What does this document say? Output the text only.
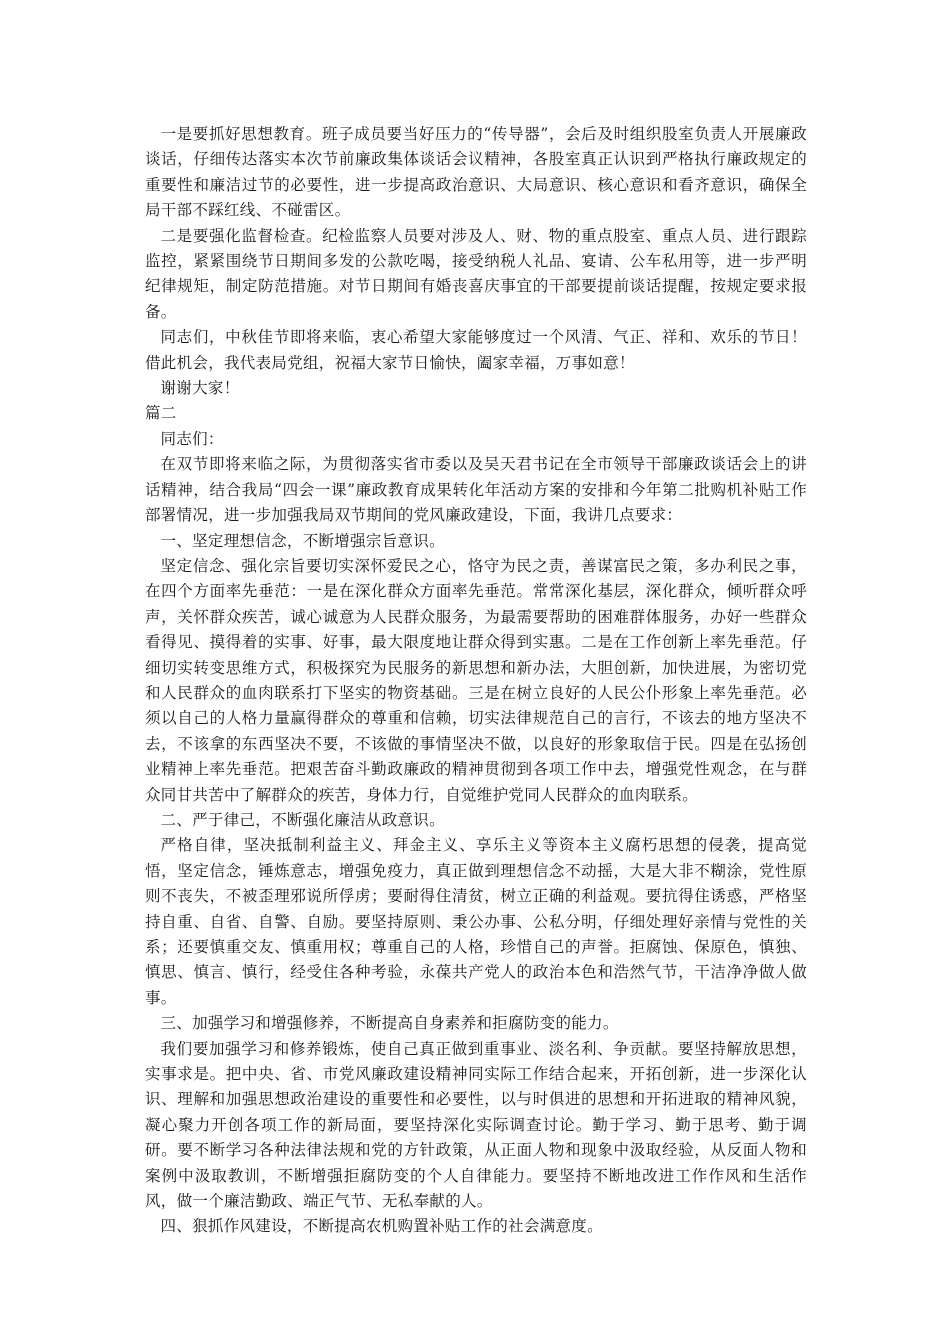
一是要抓好思想教育。班子成员要当好压力的“传导器”，会后及时组织股室负责人开展廉政谈话，仔细传达落实本次节前廉政集体谈话会议精神，各股室真正认识到严格执行廉政规定的重要性和廉洁过节的必要性，进一步提高政治意识、大局意识、核心意识和看齐意识，确保全局干部不踩红线、不碰雷区。

二是要强化监督检查。纪检监察人员要对涉及人、财、物的重点股室、重点人员、进行跟踪监控，紧紧围绕节日期间多发的公款吃喝，接受纳税人礼品、宴请、公车私用等，进一步严明纪律规矩，制定防范措施。对节日期间有婚丧喜庆事宜的干部要提前谈话提醒，按规定要求报备。

同志们，中秋佳节即将来临，衷心希望大家能够度过一个风清、气正、祥和、欢乐的节日！借此机会，我代表局党组，祝福大家节日愉快，阖家幸福，万事如意！

谢谢大家！

篇二

同志们：

在双节即将来临之际，为贯彻落实省市委以及吴天君书记在全市领导干部廉政谈话会上的讲话精神，结合我局“四会一课”廉政教育成果转化年活动方案的安排和今年第二批购机补贴工作部署情况，进一步加强我局双节期间的党风廉政建设，下面，我讲几点要求：

一、坚定理想信念，不断增强宗旨意识。

坚定信念、强化宗旨要切实深怀爱民之心，恪守为民之责，善谋富民之策，多办利民之事，在四个方面率先垂范：一是在深化群众方面率先垂范。常常深化基层，深化群众，倾听群众呼声，关怀群众疾苦，诚心诚意为人民群众服务，为最需要帮助的困难群体服务，办好一些群众看得见、摸得着的实事、好事，最大限度地让群众得到实惠。二是在工作创新上率先垂范。仔细切实转变思维方式，积极探究为民服务的新思想和新办法，大胆创新，加快进展，为密切党和人民群众的血肉联系打下坚实的物资基础。三是在树立良好的人民公仆形象上率先垂范。必须以自己的人格力量赢得群众的尊重和信赖，切实法律规范自己的言行，不该去的地方坚决不去，不该拿的东西坚决不要，不该做的事情坚决不做，以良好的形象取信于民。四是在弘扬创业精神上率先垂范。把艰苦奋斗勤政廉政的精神贯彻到各项工作中去，增强党性观念，在与群众同甘共苦中了解群众的疾苦，身体力行，自觉维护党同人民群众的血肉联系。

二、严于律己，不断强化廉洁从政意识。

严格自律，坚决抵制利益主义、拜金主义、享乐主义等资本主义腐朽思想的侵袭，提高觉悟，坚定信念，锤炼意志，增强免疫力，真正做到理想信念不动摇，大是大非不糊涂，党性原则不丧失，不被歪理邪说所俘虏；要耐得住清贫，树立正确的利益观。要抗得住诱惑，严格坚持自重、自省、自警、自励。要坚持原则、秉公办事、公私分明，仔细处理好亲情与党性的关系；还要慎重交友、慎重用权；尊重自己的人格，珍惜自己的声誉。拒腐蚀、保原色，慎独、慎思、慎言、慎行，经受住各种考验，永葆共产党人的政治本色和浩然气节，干洁净净做人做事。

三、加强学习和增强修养，不断提高自身素养和拒腐防变的能力。

我们要加强学习和修养锻炼，使自己真正做到重事业、淡名利、争贡献。要坚持解放思想，实事求是。把中央、省、市党风廉政建设精神同实际工作结合起来，开拓创新，进一步深化认识、理解和加强思想政治建设的重要性和必要性，以与时俱进的思想和开拓进取的精神风貌，凝心聚力开创各项工作的新局面，要坚持深化实际调查讨论。勤于学习、勤于思考、勤于调研。要不断学习各种法律法规和党的方针政策，从正面人物和现象中汲取经验，从反面人物和案例中汲取教训，不断增强拒腐防变的个人自律能力。要坚持不断地改进工作作风和生活作风，做一个廉洁勤政、端正气节、无私奉献的人。

四、狠抓作风建设，不断提高农机购置补贴工作的社会满意度。
